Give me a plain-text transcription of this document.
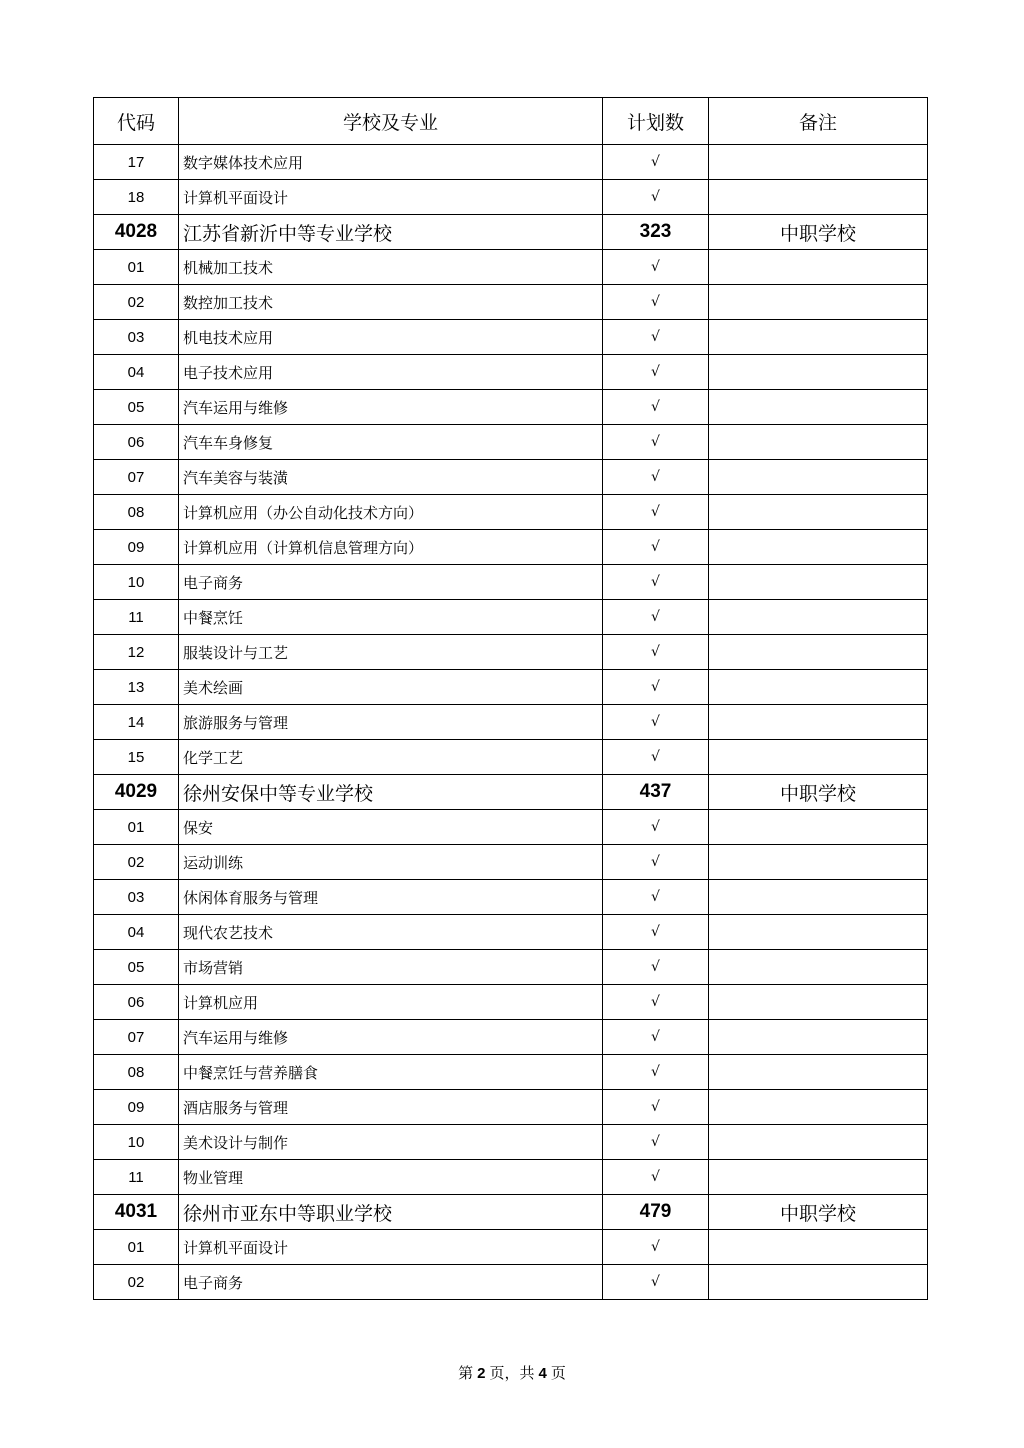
代码	学校及专业	计划数	备注
17	数字媒体技术应用	√	
18	计算机平面设计	√	
4028	江苏省新沂中等专业学校	323	中职学校
01	机械加工技术	√	
02	数控加工技术	√	
03	机电技术应用	√	
04	电子技术应用	√	
05	汽车运用与维修	√	
06	汽车车身修复	√	
07	汽车美容与装潢	√	
08	计算机应用（办公自动化技术方向）	√	
09	计算机应用（计算机信息管理方向）	√	
10	电子商务	√	
11	中餐烹饪	√	
12	服装设计与工艺	√	
13	美术绘画	√	
14	旅游服务与管理	√	
15	化学工艺	√	
4029	徐州安保中等专业学校	437	中职学校
01	保安	√	
02	运动训练	√	
03	休闲体育服务与管理	√	
04	现代农艺技术	√	
05	市场营销	√	
06	计算机应用	√	
07	汽车运用与维修	√	
08	中餐烹饪与营养膳食	√	
09	酒店服务与管理	√	
10	美术设计与制作	√	
11	物业管理	√	
4031	徐州市亚东中等职业学校	479	中职学校
01	计算机平面设计	√	
02	电子商务	√	
第 2 页，共 4 页
